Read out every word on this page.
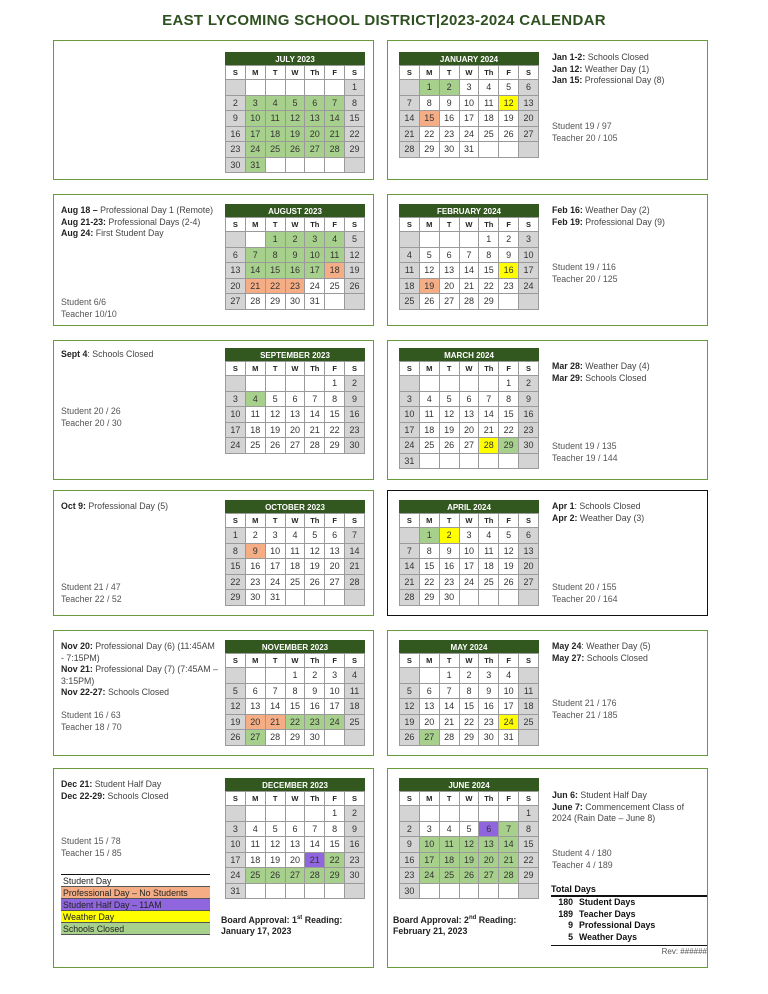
EAST LYCOMING SCHOOL DISTRICT|2023-2024 CALENDAR
JULY 2023
S	M	T	W	Th	F	S
						1
2	3	4	5	6	7	8
9	10	11	12	13	14	15
16	17	18	19	20	21	22
23	24	25	26	27	28	29
30	31					
JANUARY 2024
S	M	T	W	Th	F	S
	1	2	3	4	5	6
7	8	9	10	11	12	13
14	15	16	17	18	19	20
21	22	23	24	25	26	27
28	29	30	31			
AUGUST 2023
S	M	T	W	Th	F	S
		1	2	3	4	5
6	7	8	9	10	11	12
13	14	15	16	17	18	19
20	21	22	23	24	25	26
27	28	29	30	31		
FEBRUARY 2024
S	M	T	W	Th	F	S
				1	2	3
4	5	6	7	8	9	10
11	12	13	14	15	16	17
18	19	20	21	22	23	24
25	26	27	28	29		
SEPTEMBER 2023
S	M	T	W	Th	F	S
					1	2
3	4	5	6	7	8	9
10	11	12	13	14	15	16
17	18	19	20	21	22	23
24	25	26	27	28	29	30
MARCH 2024
S	M	T	W	Th	F	S
					1	2
3	4	5	6	7	8	9
10	11	12	13	14	15	16
17	18	19	20	21	22	23
24	25	26	27	28	29	30
31						
OCTOBER 2023
S	M	T	W	Th	F	S
1	2	3	4	5	6	7
8	9	10	11	12	13	14
15	16	17	18	19	20	21
22	23	24	25	26	27	28
29	30	31				
APRIL 2024
S	M	T	W	Th	F	S
	1	2	3	4	5	6
7	8	9	10	11	12	13
14	15	16	17	18	19	20
21	22	23	24	25	26	27
28	29	30				
NOVEMBER 2023
S	M	T	W	Th	F	S
			1	2	3	4
5	6	7	8	9	10	11
12	13	14	15	16	17	18
19	20	21	22	23	24	25
26	27	28	29	30		
MAY 2024
S	M	T	W	Th	F	S
		1	2	3	4	
5	6	7	8	9	10	11
12	13	14	15	16	17	18
19	20	21	22	23	24	25
26	27	28	29	30	31	
DECEMBER 2023
S	M	T	W	Th	F	S
					1	2
3	4	5	6	7	8	9
10	11	12	13	14	15	16
17	18	19	20	21	22	23
24	25	26	27	28	29	30
31						
JUNE 2024
S	M	T	W	Th	F	S
						1
2	3	4	5	6	7	8
9	10	11	12	13	14	15
16	17	18	19	20	21	22
23	24	25	26	27	28	29
30						
Jan 1-2: Schools Closed
Jan 12: Weather Day (1)
Jan 15: Professional Day (8)
Student 19 / 97
Teacher 20 / 105
Aug 18 – Professional Day 1 (Remote)
Aug 21-23: Professional Days (2-4)
Aug 24: First Student Day
Student 6/6
Teacher 10/10
Feb 16: Weather Day (2)
Feb 19: Professional Day (9)
Student 19 / 116
Teacher 20 / 125
Sept 4: Schools Closed
Student 20 / 26
Teacher 20 / 30
Mar 28: Weather Day (4)
Mar 29: Schools Closed
Student 19 / 135
Teacher 19 / 144
Oct 9: Professional Day (5)
Student 21 / 47
Teacher 22 / 52
Apr 1: Schools Closed
Apr 2: Weather Day (3)
Student 20 / 155
Teacher 20 / 164
Nov 20: Professional Day (6) (11:45AM - 7:15PM)
Nov 21: Professional Day (7) (7:45AM – 3:15PM)
Nov 22-27: Schools Closed
Student 16 / 63
Teacher 18 / 70
May 24: Weather Day (5)
May 27: Schools Closed
Student 21 / 176
Teacher 21 / 185
Dec 21: Student Half Day
Dec 22-29: Schools Closed
Student 15 / 78
Teacher 15 / 85
Jun 6: Student Half Day
June 7: Commencement Class of 2024 (Rain Date – June 8)
Student 4 / 180
Teacher 4 / 189
Student Day
Professional Day – No Students
Student Half Day – 11AM
Weather Day
Schools Closed
Board Approval: 1st Reading:
January 17, 2023
Board Approval: 2nd Reading:
February 21, 2023
Total Days
180 Student Days
189 Teacher Days
9 Professional Days
5 Weather Days
Rev: ######
